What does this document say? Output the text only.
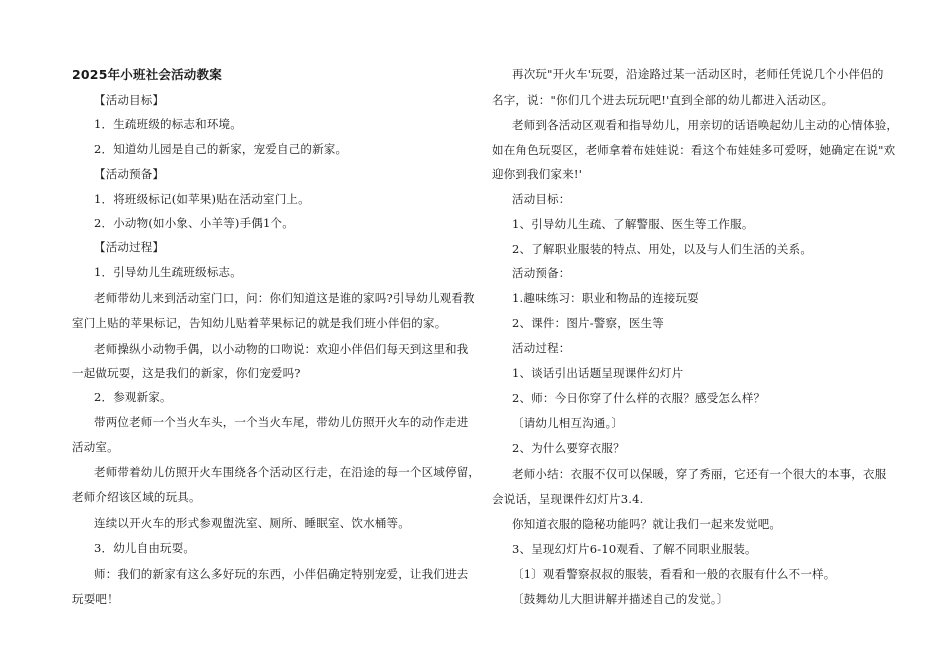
2025年小班社会活动教案
【活动目标】
1．生疏班级的标志和环境。
2．知道幼儿园是自己的新家，宠爱自己的新家。
【活动预备】
1．将班级标记(如苹果)贴在活动室门上。
2．小动物(如小象、小羊等)手偶1个。
【活动过程】
1．引导幼儿生疏班级标志。
老师带幼儿来到活动室门口，问：你们知道这是谁的家吗?引导幼儿观看教
室门上贴的苹果标记，告知幼儿贴着苹果标记的就是我们班小伴侣的家。
老师操纵小动物手偶，以小动物的口吻说：欢迎小伴侣们每天到这里和我
一起做玩耍，这是我们的新家，你们宠爱吗?
2．参观新家。
带两位老师一个当火车头，一个当火车尾，带幼儿仿照开火车的动作走进
活动室。
老师带着幼儿仿照开火车围绕各个活动区行走，在沿途的每一个区域停留，
老师介绍该区域的玩具。
连续以开火车的形式参观盥洗室、厕所、睡眠室、饮水桶等。
3．幼儿自由玩耍。
师：我们的新家有这么多好玩的东西，小伴侣确定特别宠爱，让我们进去
玩耍吧！
再次玩"开火车'玩耍，沿途路过某一活动区时，老师任凭说几个小伴侣的
名字，说："你们几个进去玩玩吧!'直到全部的幼儿都进入活动区。
老师到各活动区观看和指导幼儿，用亲切的话语唤起幼儿主动的心情体验，
如在角色玩耍区，老师拿着布娃娃说：看这个布娃娃多可爱呀，她确定在说"欢
迎你到我们家来!'
活动目标：
1、引导幼儿生疏、了解警服、医生等工作服。
2、了解职业服装的特点、用处，以及与人们生活的关系。
活动预备：
1.趣味练习：职业和物品的连接玩耍
2、课件：图片-警察，医生等
活动过程：
1、谈话引出话题呈现课件幻灯片
2、师：今日你穿了什么样的衣服？感受怎么样？
〔请幼儿相互沟通。〕
2、为什么要穿衣服？
老师小结：衣服不仅可以保暖，穿了秀丽，它还有一个很大的本事，衣服
会说话，呈现课件幻灯片3.4.
你知道衣服的隐秘功能吗？就让我们一起来发觉吧。
3、呈现幻灯片6-10观看、了解不同职业服装。
〔1〕观看警察叔叔的服装，看看和一般的衣服有什么不一样。
〔鼓舞幼儿大胆讲解并描述自己的发觉。〕
